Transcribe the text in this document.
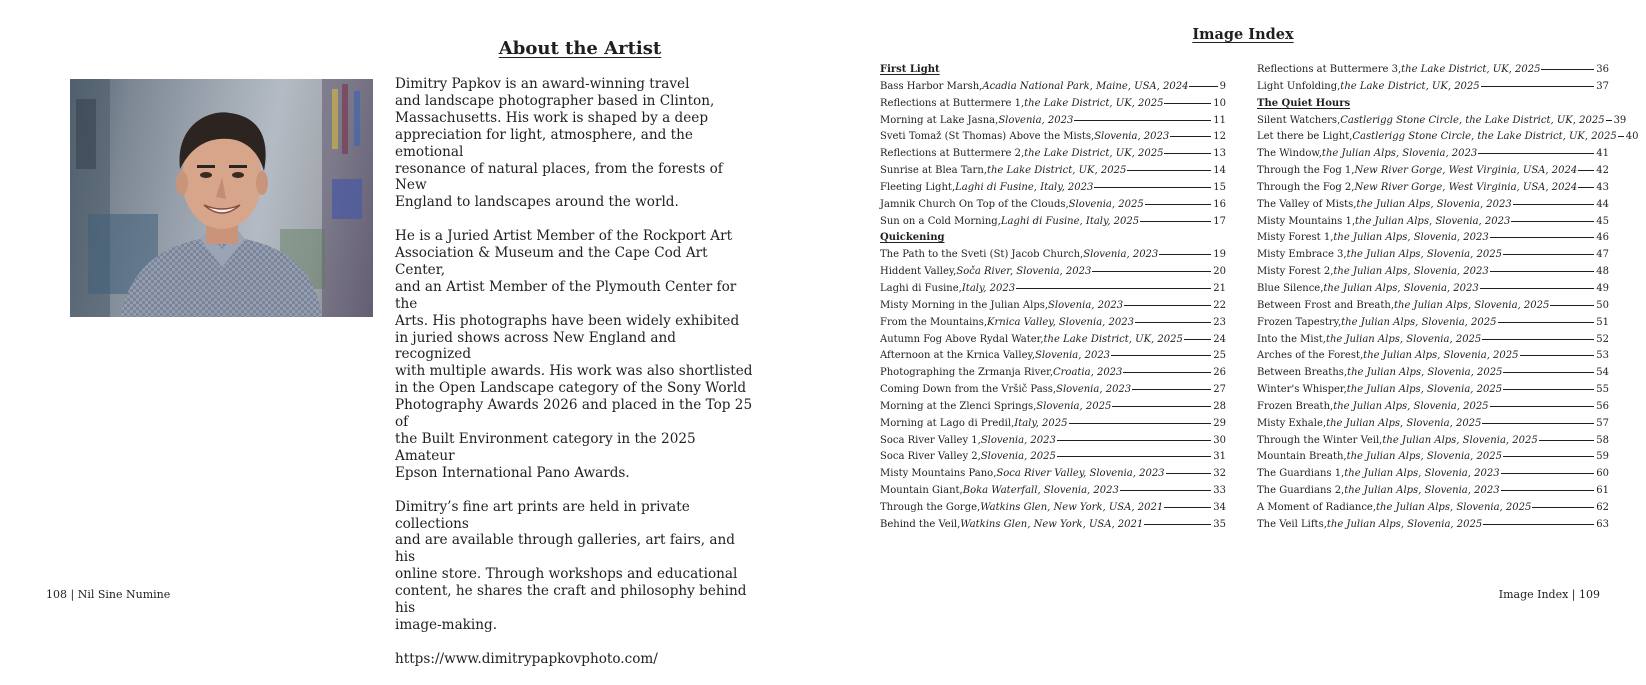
About the Artist

Dimitry Papkov is an award-winning travel
and landscape photographer based in Clinton,
Massachusetts. His work is shaped by a deep
appreciation for light, atmosphere, and the emotional
resonance of natural places, from the forests of New
England to landscapes around the world.

He is a Juried Artist Member of the Rockport Art
Association & Museum and the Cape Cod Art Center,
and an Artist Member of the Plymouth Center for the
Arts. His photographs have been widely exhibited
in juried shows across New England and recognized
with multiple awards. His work was also shortlisted
in the Open Landscape category of the Sony World
Photography Awards 2026 and placed in the Top 25 of
the Built Environment category in the 2025 Amateur
Epson International Pano Awards.

Dimitry’s fine art prints are held in private collections
and are available through galleries, art fairs, and his
online store. Through workshops and educational
content, he shares the craft and philosophy behind his
image-making.

https://www.dimitrypapkovphoto.com/

108 | Nil Sine Numine
Image Index
First Light
Bass Harbor Marsh, Acadia National Park, Maine, USA, 2024	9
Reflections at Buttermere 1, the Lake District, UK, 2025	10
Morning at Lake Jasna, Slovenia, 2023	11
Sveti Tomaž (St Thomas) Above the Mists, Slovenia, 2023	12
Reflections at Buttermere 2, the Lake District, UK, 2025	13
Sunrise at Blea Tarn, the Lake District, UK, 2025	14
Fleeting Light, Laghi di Fusine, Italy, 2023	15
Jamnik Church On Top of the Clouds, Slovenia, 2025	16
Sun on a Cold Morning, Laghi di Fusine, Italy, 2025	17
Quickening
The Path to the Sveti (St) Jacob Church, Slovenia, 2023	19
Hiddent Valley, Soča River, Slovenia, 2023	20
Laghi di Fusine, Italy, 2023	21
Misty Morning in the Julian Alps, Slovenia, 2023	22
From the Mountains, Krnica Valley, Slovenia, 2023	23
Autumn Fog Above Rydal Water, the Lake District, UK, 2025	24
Afternoon at the Krnica Valley, Slovenia, 2023	25
Photographing the Zrmanja River, Croatia, 2023	26
Coming Down from the Vršič Pass, Slovenia, 2023	27
Morning at the Zlenci Springs, Slovenia, 2025	28
Morning at Lago di Predil, Italy, 2025	29
Soca River Valley 1, Slovenia, 2023	30
Soca River Valley 2, Slovenia, 2025	31
Misty Mountains Pano, Soca River Valley, Slovenia, 2023	32
Mountain Giant, Boka Waterfall, Slovenia, 2023	33
Through the Gorge, Watkins Glen, New York, USA, 2021	34
Behind the Veil, Watkins Glen, New York, USA, 2021	35
Reflections at Buttermere 3, the Lake District, UK, 2025	36
Light Unfolding, the Lake District, UK, 2025	37
The Quiet Hours
Silent Watchers, Castlerigg Stone Circle, the Lake District, UK, 2025 39
Let there be Light, Castlerigg Stone Circle, the Lake District, UK, 2025 40
The Window, the Julian Alps, Slovenia, 2023	41
Through the Fog 1, New River Gorge, West Virginia, USA, 2024 42
Through the Fog 2, New River Gorge, West Virginia, USA, 2024 43
The Valley of Mists, the Julian Alps, Slovenia, 2023	44
Misty Mountains 1, the Julian Alps, Slovenia, 2023	45
Misty Forest 1, the Julian Alps, Slovenia, 2023	46
Misty Embrace 3, the Julian Alps, Slovenia, 2025	47
Misty Forest 2, the Julian Alps, Slovenia, 2023	48
Blue Silence, the Julian Alps, Slovenia, 2023	49
Between Frost and Breath, the Julian Alps, Slovenia, 2025	50
Frozen Tapestry, the Julian Alps, Slovenia, 2025	51
Into the Mist, the Julian Alps, Slovenia, 2025	52
Arches of the Forest, the Julian Alps, Slovenia, 2025	53
Between Breaths, the Julian Alps, Slovenia, 2025	54
Winter's Whisper, the Julian Alps, Slovenia, 2025	55
Frozen Breath, the Julian Alps, Slovenia, 2025	56
Misty Exhale, the Julian Alps, Slovenia, 2025	57
Through the Winter Veil, the Julian Alps, Slovenia, 2025	58
Mountain Breath, the Julian Alps, Slovenia, 2025	59
The Guardians 1, the Julian Alps, Slovenia, 2023	60
The Guardians 2, the Julian Alps, Slovenia, 2023	61
A Moment of Radiance, the Julian Alps, Slovenia, 2025	62
The Veil Lifts, the Julian Alps, Slovenia, 2025	63
Image Index | 109
